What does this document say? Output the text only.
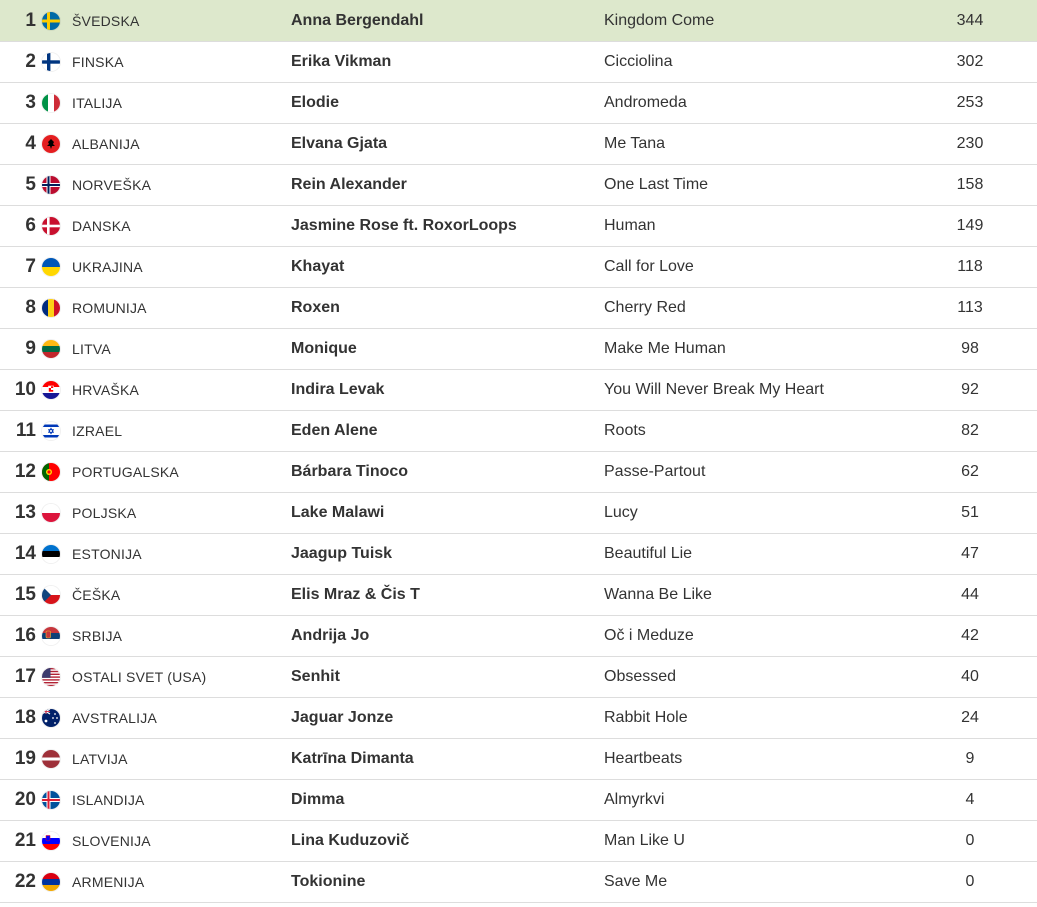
1	ŠVEDSKA	Anna Bergendahl	Kingdom Come	344
2	FINSKA	Erika Vikman	Cicciolina	302
3	ITALIJA	Elodie	Andromeda	253
4	ALBANIJA	Elvana Gjata	Me Tana	230
5	NORVEŠKA	Rein Alexander	One Last Time	158
6	DANSKA	Jasmine Rose ft. RoxorLoops	Human	149
7	UKRAJINA	Khayat	Call for Love	118
8	ROMUNIJA	Roxen	Cherry Red	113
9	LITVA	Monique	Make Me Human	98
10	HRVAŠKA	Indira Levak	You Will Never Break My Heart	92
11	IZRAEL	Eden Alene	Roots	82
12	PORTUGALSKA	Bárbara Tinoco	Passe-Partout	62
13	POLJSKA	Lake Malawi	Lucy	51
14	ESTONIJA	Jaagup Tuisk	Beautiful Lie	47
15	ČEŠKA	Elis Mraz & Čis T	Wanna Be Like	44
16	SRBIJA	Andrija Jo	Oč i Meduze	42
17	OSTALI SVET (USA)	Senhit	Obsessed	40
18	AVSTRALIJA	Jaguar Jonze	Rabbit Hole	24
19	LATVIJA	Katrīna Dimanta	Heartbeats	9
20	ISLANDIJA	Dimma	Almyrkvi	4
21	SLOVENIJA	Lina Kuduzovič	Man Like U	0
22	ARMENIJA	Tokionine	Save Me	0
